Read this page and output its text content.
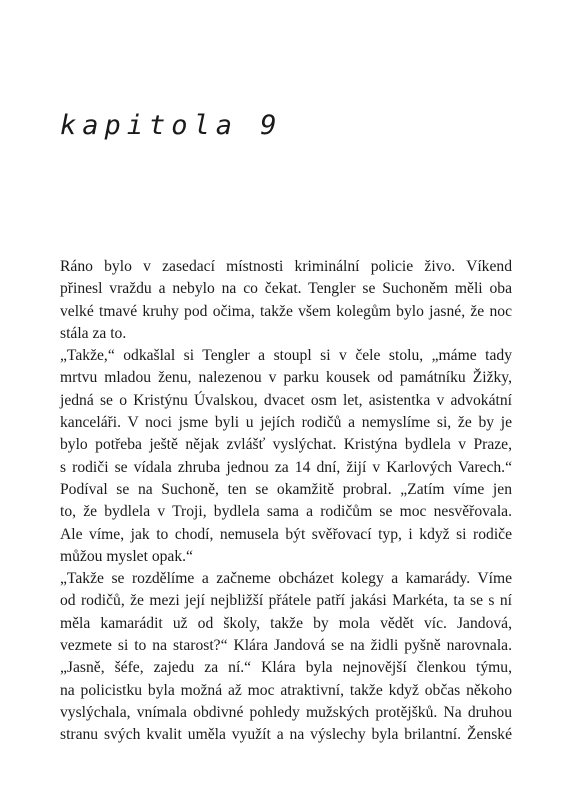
kapitola 9
Ráno bylo v zasedací místnosti kriminální policie živo. Víkend
přinesl vraždu a nebylo na co čekat. Tengler se Suchoněm měli oba
velké tmavé kruhy pod očima, takže všem kolegům bylo jasné, že noc
stála za to.
„Takže,“ odkašlal si Tengler a stoupl si v čele stolu, „máme tady
mrtvu mladou ženu, nalezenou v parku kousek od památníku Žižky,
jedná se o Kristýnu Úvalskou, dvacet osm let, asistentka v advokátní
kanceláři. V noci jsme byli u jejích rodičů a nemyslíme si, že by je
bylo potřeba ještě nějak zvlášť vyslýchat. Kristýna bydlela v Praze,
s rodiči se vídala zhruba jednou za 14 dní, žijí v Karlových Varech.“
Podíval se na Suchoně, ten se okamžitě probral. „Zatím víme jen
to, že bydlela v Troji, bydlela sama a rodičům se moc nesvěřovala.
Ale víme, jak to chodí, nemusela být svěřovací typ, i když si rodiče
můžou myslet opak.“
„Takže se rozdělíme a začneme obcházet kolegy a kamarády. Víme
od rodičů, že mezi její nejbližší přátele patří jakási Markéta, ta se s ní
měla kamarádit už od školy, takže by mola vědět víc. Jandová,
vezmete si to na starost?“ Klára Jandová se na židli pyšně narovnala.
„Jasně, šéfe, zajedu za ní.“ Klára byla nejnovější členkou týmu,
na policistku byla možná až moc atraktivní, takže když občas někoho
vyslýchala, vnímala obdivné pohledy mužských protějšků. Na druhou
stranu svých kvalit uměla využít a na výslechy byla brilantní. Ženské
